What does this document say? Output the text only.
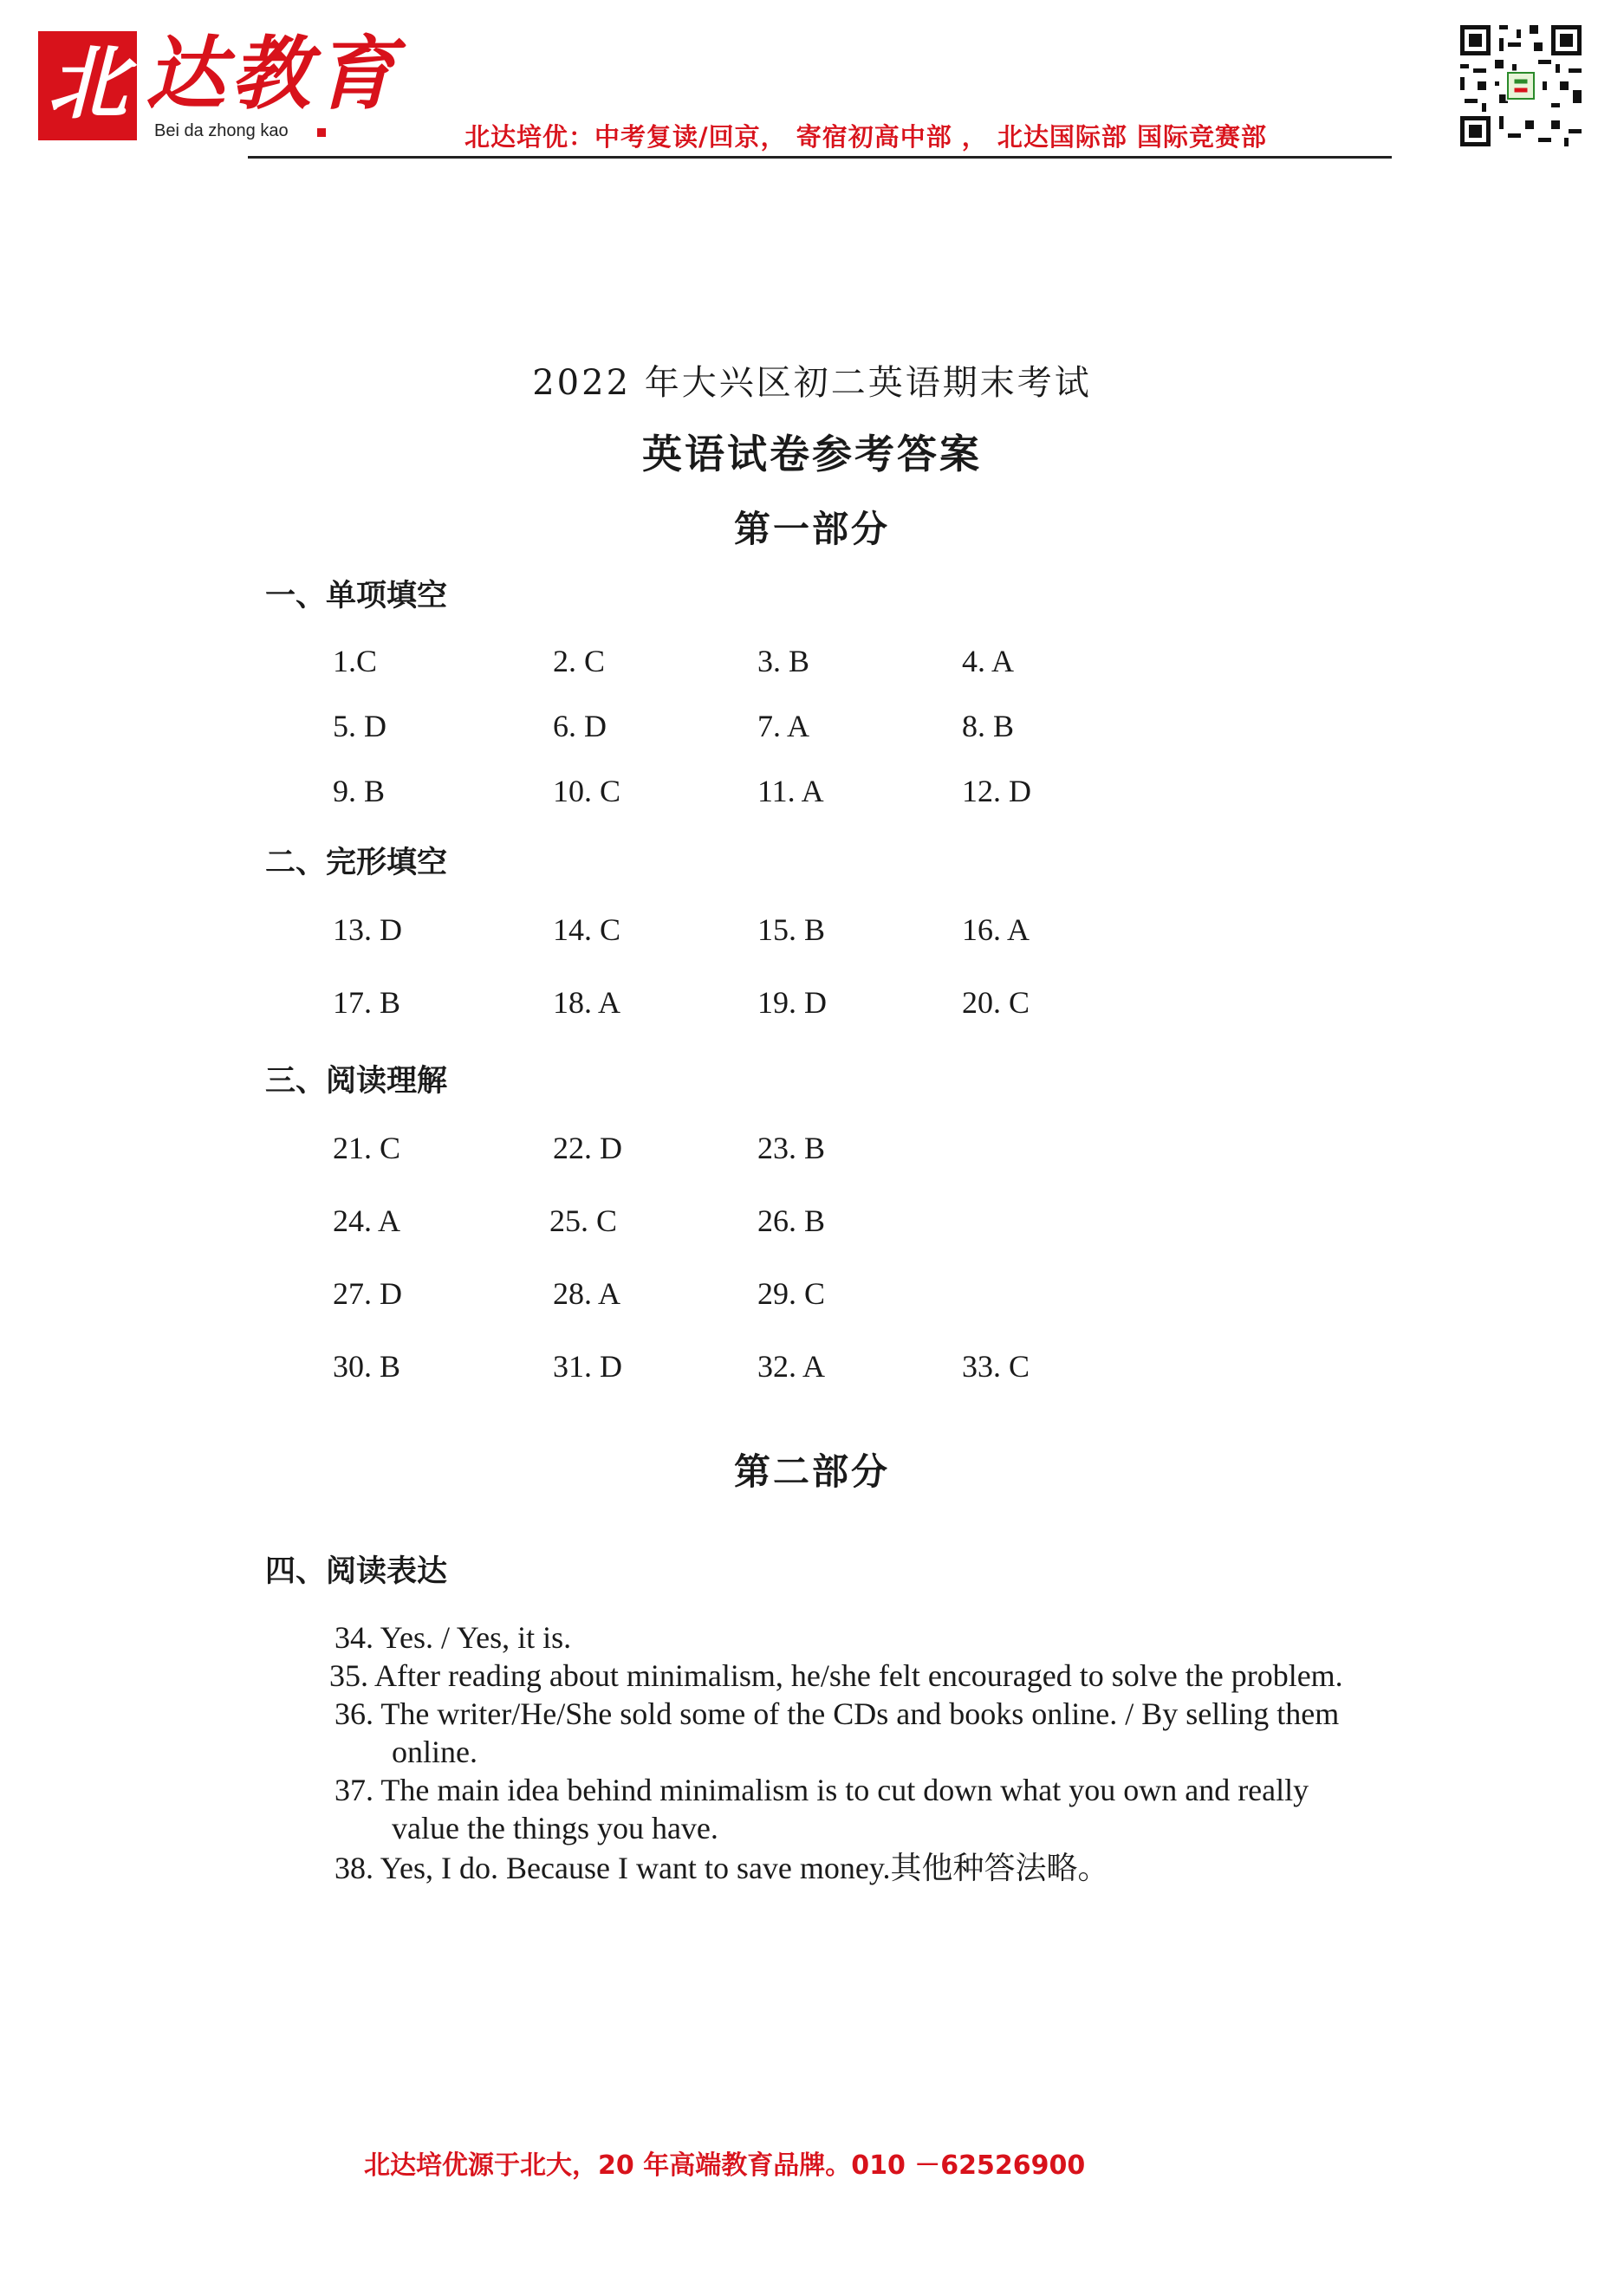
北 达教育
Bei da zhong kao	北达培优：中考复读/回京， 寄宿初高中部 ， 北达国际部 国际竞赛部
2022 年大兴区初二英语期末考试
英语试卷参考答案
第一部分
一、单项填空
1.C	2. C	3. B	4. A
5. D	6. D	7. A	8. B
9. B	10. C	11. A	12. D
二、完形填空
13. D	14. C	15. B	16. A
17. B	18. A	19. D	20. C
三、阅读理解
21. C	22. D	23. B
24. A	25. C	26. B
27. D	28. A	29. C
30. B	31. D	32. A	33. C
第二部分
四、阅读表达
34. Yes. / Yes, it is.
35. After reading about minimalism, he/she felt encouraged to solve the problem.
36. The writer/He/She sold some of the CDs and books online. / By selling them
online.
37. The main idea behind minimalism is to cut down what you own and really
value the things you have.
38. Yes, I do. Because I want to save money.其他种答法略。
北达培优源于北大，20 年高端教育品牌。010 －62526900
